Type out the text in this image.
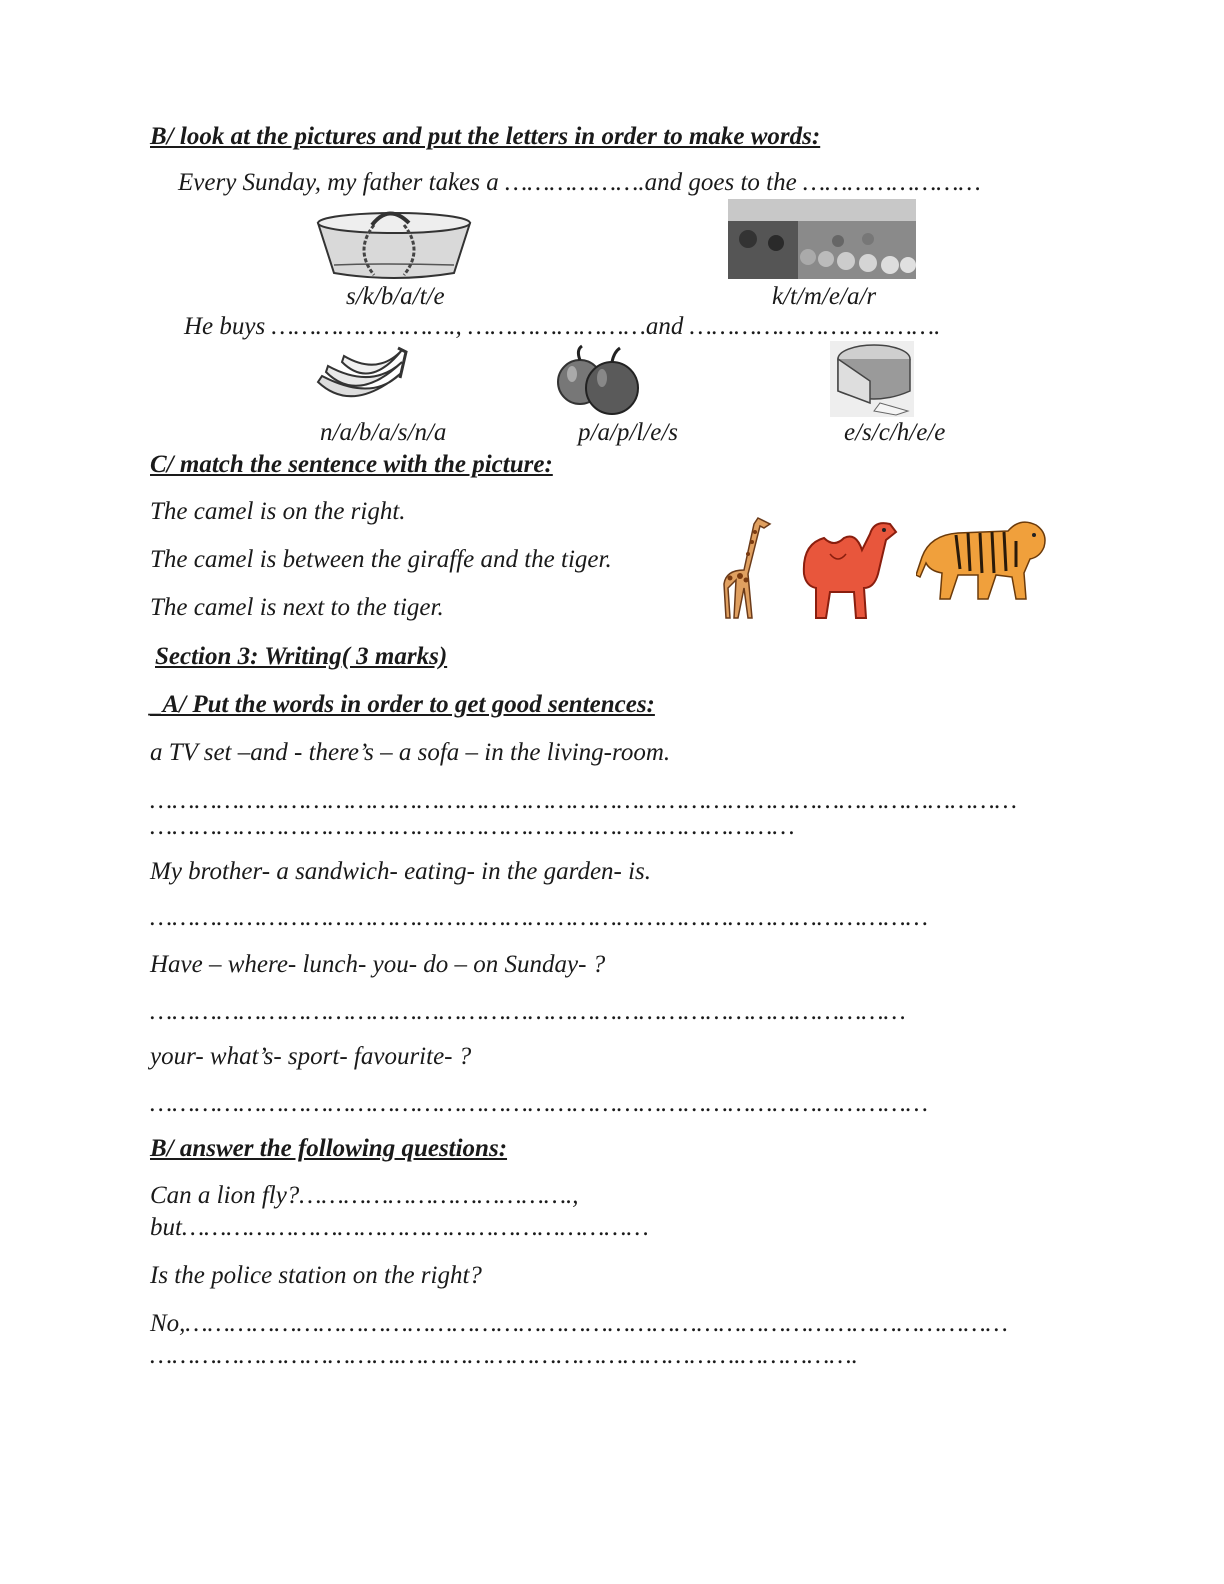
B/ look at the pictures and put the letters in order to make words:
Every Sunday, my father takes a ……………….and goes to the ……………………
s/k/b/a/t/e	k/t/m/e/a/r
He buys ……………………., ……………………and …………………………….
n/a/b/a/s/n/a	p/a/p/l/e/s	e/s/c/h/e/e
C/ match the sentence with the picture:
The camel is on the right.
The camel is between the giraffe and the tiger.
The camel is next to the tiger.
Section 3: Writing( 3 marks)
_A/ Put the words in order to get good sentences:
a TV set –and - there’s – a sofa – in the living-room.
………………………………………………………………………………………………………
……………………………………………………………………………
My brother- a sandwich- eating- in the garden- is.
……………………………………………………………………………………………
Have – where- lunch- you- do – on Sunday- ?
…………………………………………………………………………………………
your- what’s- sport- favourite- ?
……………………………………………………………………………………………
B/ answer the following questions:
Can a lion fly?……………………………….,
but………………………………………………………
Is the police station on the right?
No,…………………………………………………………………………………………………
…………………………….……………………………………….…………….
